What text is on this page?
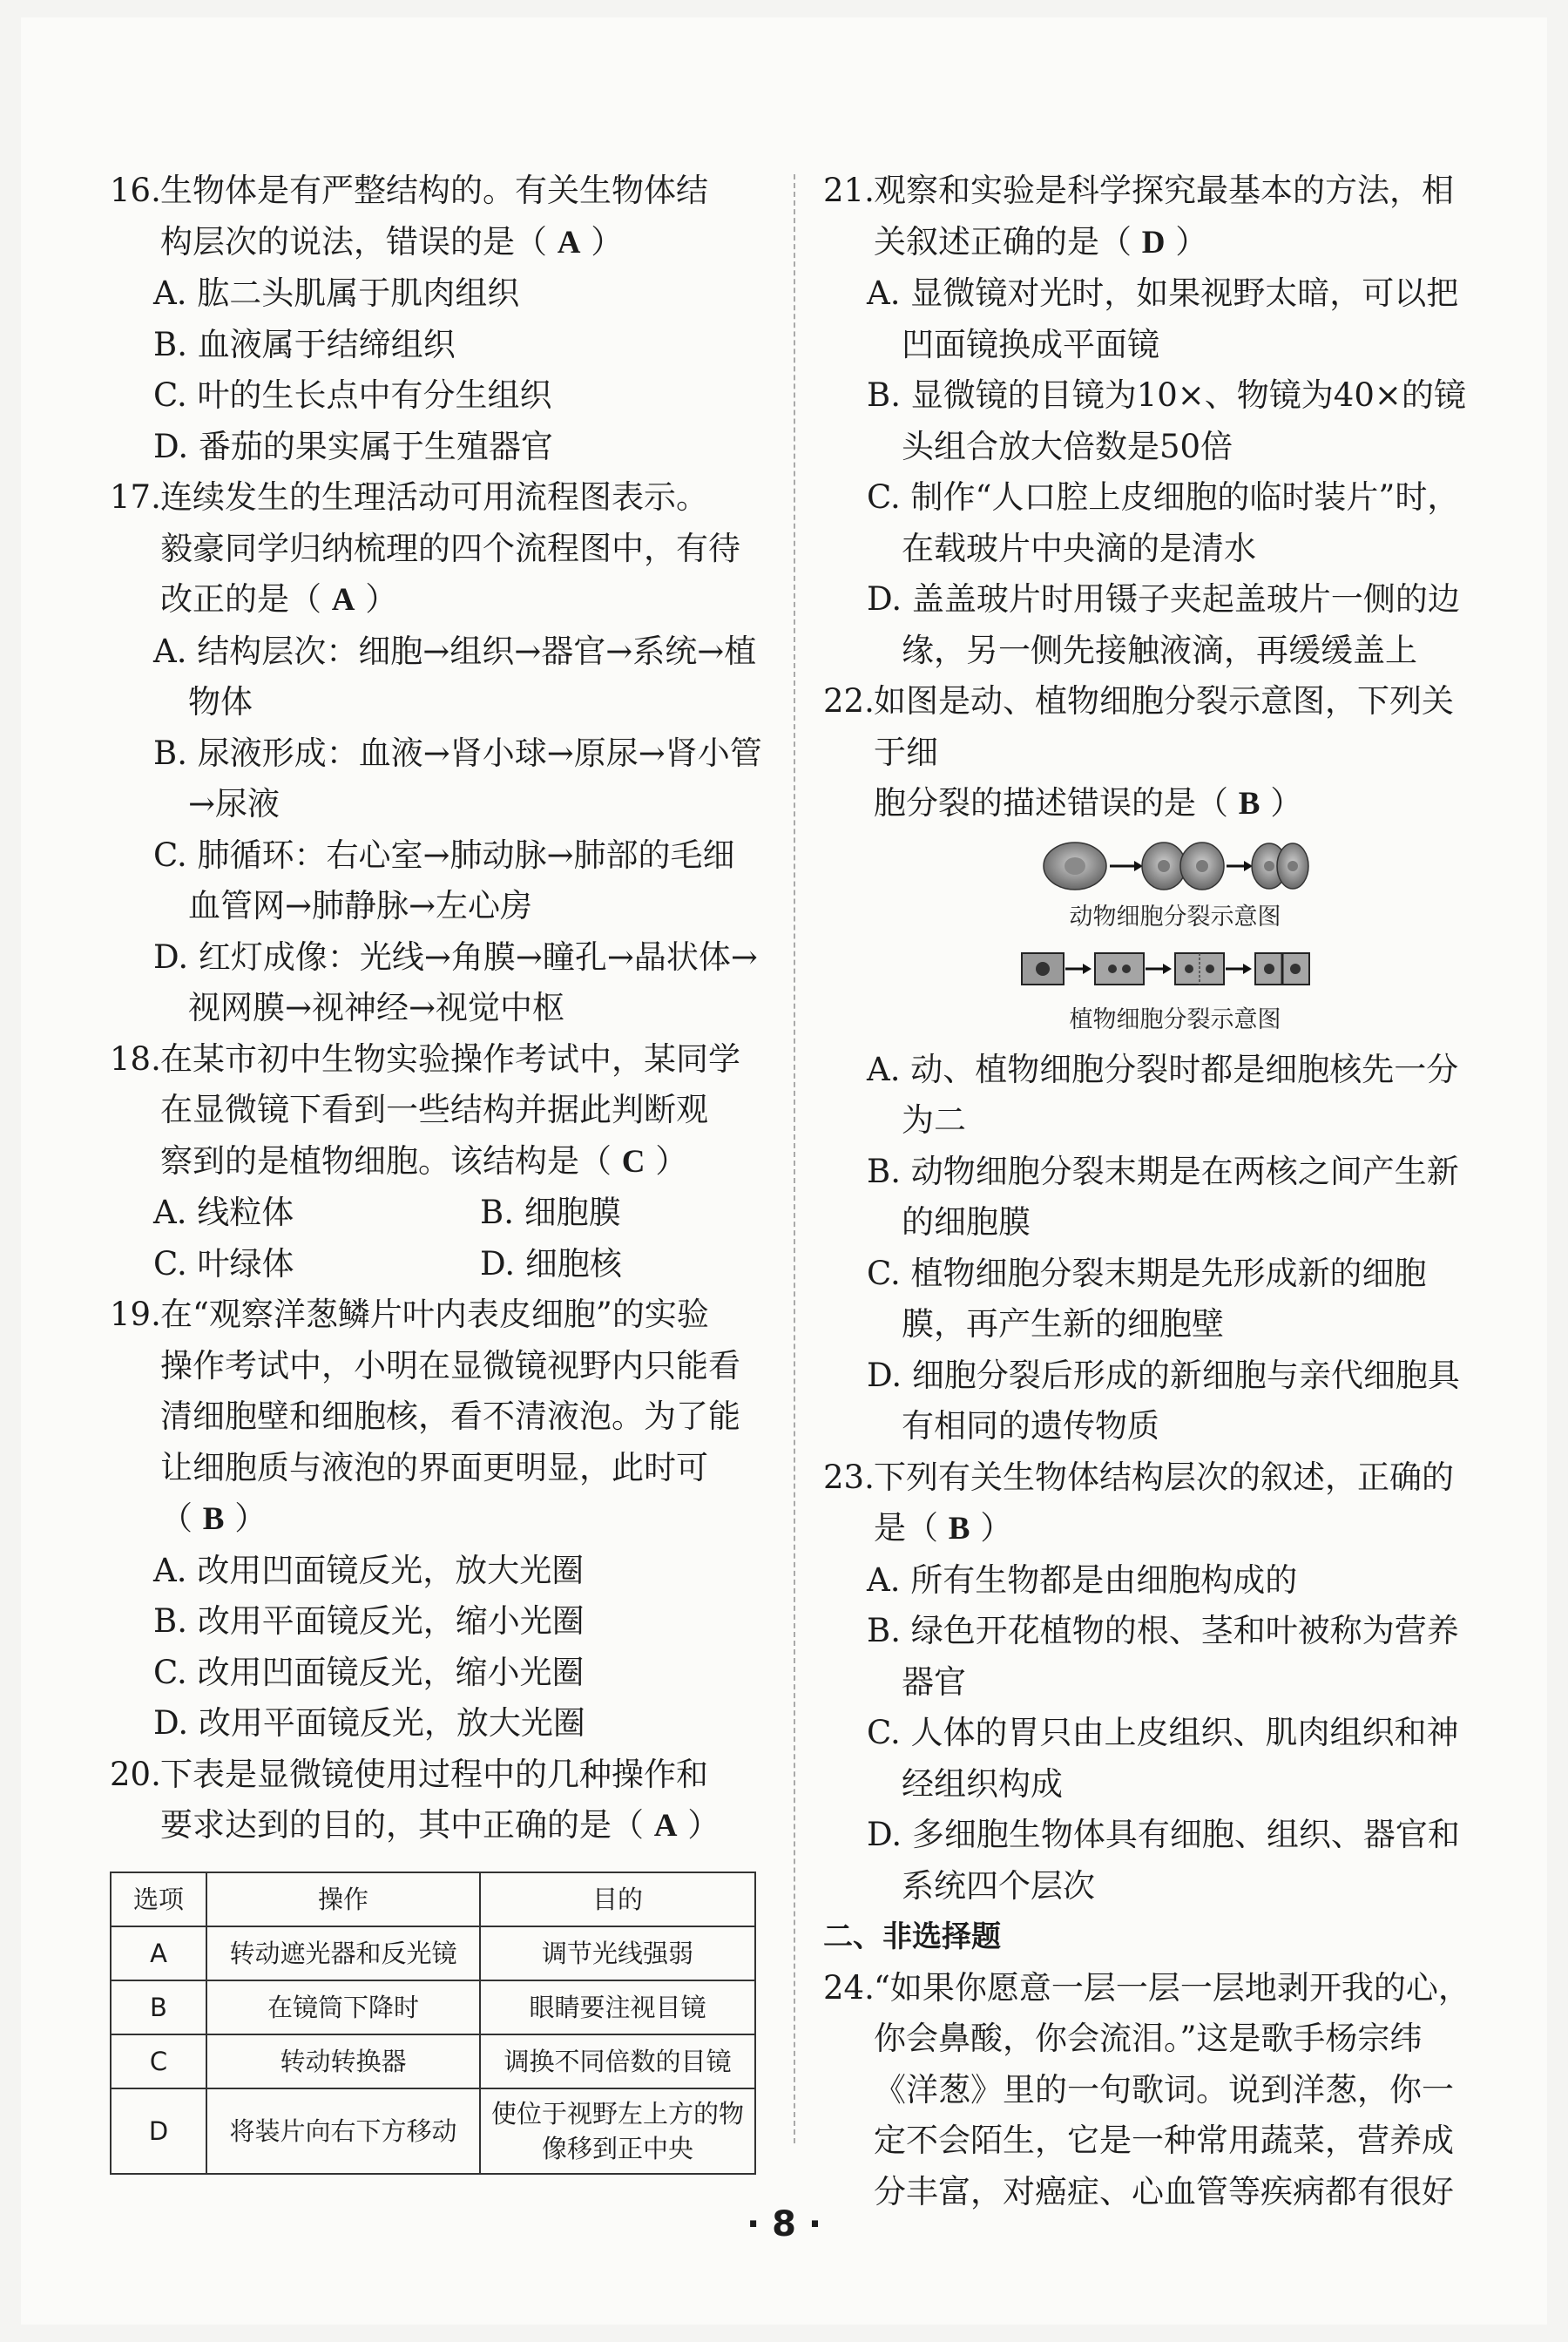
16. 生物体是有严整结构的。有关生物体结
构层次的说法，错误的是（ A ）
A. 肱二头肌属于肌肉组织
B. 血液属于结缔组织
C. 叶的生长点中有分生组织
D. 番茄的果实属于生殖器官
17. 连续发生的生理活动可用流程图表示。
毅豪同学归纳梳理的四个流程图中，有待
改正的是（ A ）
A. 结构层次：细胞→组织→器官→系统→植物体
B. 尿液形成：血液→肾小球→原尿→肾小管→尿液
C. 肺循环：右心室→肺动脉→肺部的毛细血管网→肺静脉→左心房
D. 红灯成像：光线→角膜→瞳孔→晶状体→视网膜→视神经→视觉中枢
18. 在某市初中生物实验操作考试中，某同学
在显微镜下看到一些结构并据此判断观
察到的是植物细胞。该结构是（ C ）
A. 线粒体	B. 细胞膜
C. 叶绿体	D. 细胞核
19. 在“观察洋葱鳞片叶内表皮细胞”的实验
操作考试中，小明在显微镜视野内只能看
清细胞壁和细胞核，看不清液泡。为了能
让细胞质与液泡的界面更明显，此时可
（ B ）
A. 改用凹面镜反光，放大光圈
B. 改用平面镜反光，缩小光圈
C. 改用凹面镜反光，缩小光圈
D. 改用平面镜反光，放大光圈
20. 下表是显微镜使用过程中的几种操作和
要求达到的目的，其中正确的是（ A ）
选项	操作	目的
A	转动遮光器和反光镜	调节光线强弱
B	在镜筒下降时	眼睛要注视目镜
C	转动转换器	调换不同倍数的目镜
D	将装片向右下方移动	使位于视野左上方的物像移到正中央
21. 观察和实验是科学探究最基本的方法，相
关叙述正确的是（ D ）
A. 显微镜对光时，如果视野太暗，可以把凹面镜换成平面镜
B. 显微镜的目镜为10×、物镜为40×的镜头组合放大倍数是50倍
C. 制作“人口腔上皮细胞的临时装片”时，在载玻片中央滴的是清水
D. 盖盖玻片时用镊子夹起盖玻片一侧的边缘，另一侧先接触液滴，再缓缓盖上
22. 如图是动、植物细胞分裂示意图，下列关于细
胞分裂的描述错误的是（ B ）
动物细胞分裂示意图
植物细胞分裂示意图
A. 动、植物细胞分裂时都是细胞核先一分为二
B. 动物细胞分裂末期是在两核之间产生新的细胞膜
C. 植物细胞分裂末期是先形成新的细胞膜，再产生新的细胞壁
D. 细胞分裂后形成的新细胞与亲代细胞具有相同的遗传物质
23. 下列有关生物体结构层次的叙述，正确的
是（ B ）
A. 所有生物都是由细胞构成的
B. 绿色开花植物的根、茎和叶被称为营养器官
C. 人体的胃只由上皮组织、肌肉组织和神经组织构成
D. 多细胞生物体具有细胞、组织、器官和系统四个层次
二、非选择题
24. “如果你愿意一层一层一层地剥开我的心，你会鼻酸，你会流泪。”这是歌手杨宗纬《洋葱》里的一句歌词。说到洋葱，你一定不会陌生，它是一种常用蔬菜，营养成分丰富，对癌症、心血管等疾病都有很好
· 8 ·
